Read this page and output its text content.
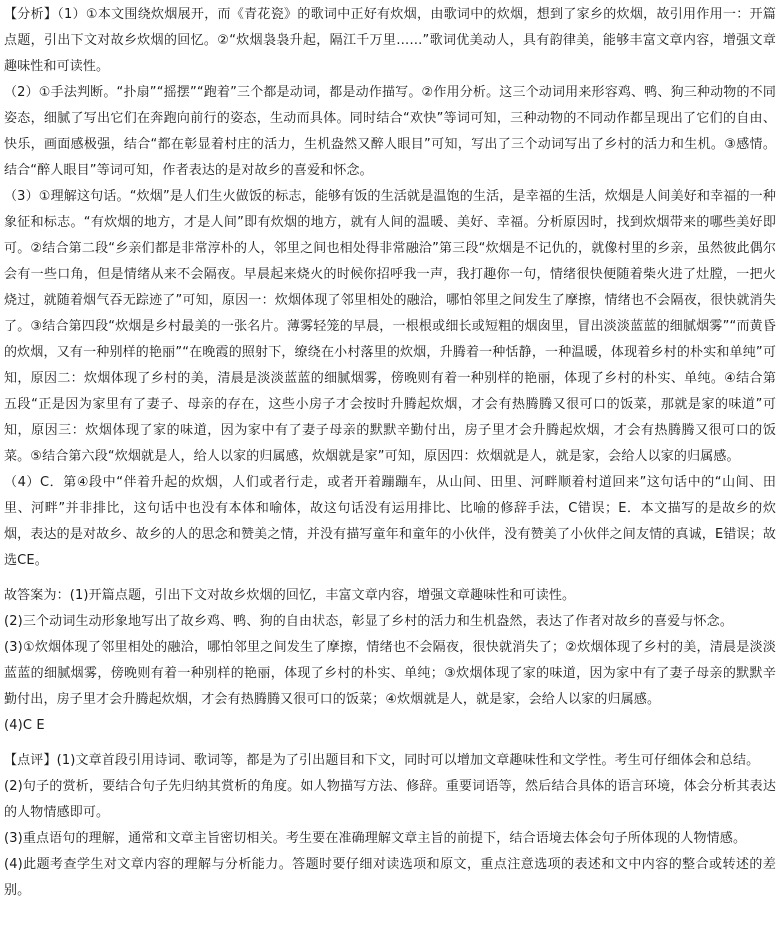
【分析】（1）①本文围绕炊烟展开，而《青花瓷》的歌词中正好有炊烟，由歌词中的炊烟，想到了家乡的炊烟，故引用作用一：开篇点题，引出下文对故乡炊烟的回忆。②“炊烟袅袅升起，隔江千万里……”歌词优美动人，具有韵律美，能够丰富文章内容，增强文章趣味性和可读性。

（2）①手法判断。“扑扇”“摇摆”“跑着”三个都是动词，都是动作描写。②作用分析。这三个动词用来形容鸡、鸭、狗三种动物的不同姿态，细腻了写出它们在奔跑向前行的姿态，生动而具体。同时结合“欢快”等词可知，三种动物的不同动作都呈现出了它们的自由、快乐，画面感极强，结合“都在彰显着村庄的活力，生机盎然又醉人眼目”可知，写出了三个动词写出了乡村的活力和生机。③感情。结合“醉人眼目”等词可知，作者表达的是对故乡的喜爱和怀念。

（3）①理解这句话。“炊烟”是人们生火做饭的标志，能够有饭的生活就是温饱的生活，是幸福的生活，炊烟是人间美好和幸福的一种象征和标志。“有炊烟的地方，才是人间”即有炊烟的地方，就有人间的温暖、美好、幸福。分析原因时，找到炊烟带来的哪些美好即可。②结合第二段“乡亲们都是非常淳朴的人，邻里之间也相处得非常融洽”第三段“炊烟是不记仇的，就像村里的乡亲，虽然彼此偶尔会有一些口角，但是情绪从来不会隔夜。早晨起来烧火的时候你招呼我一声，我打趣你一句，情绪很快便随着柴火进了灶膛，一把火烧过，就随着烟气吞无踪迹了”可知，原因一：炊烟体现了邻里相处的融洽，哪怕邻里之间发生了摩擦，情绪也不会隔夜，很快就消失了。③结合第四段“炊烟是乡村最美的一张名片。薄雾轻笼的早晨，一根根或细长或短粗的烟囱里，冒出淡淡蓝蓝的细腻烟雾”“而黄昏的炊烟，又有一种别样的艳丽”“在晚霞的照射下，缭绕在小村落里的炊烟，升腾着一种恬静，一种温暖，体现着乡村的朴实和单纯”可知，原因二：炊烟体现了乡村的美，清晨是淡淡蓝蓝的细腻烟雾，傍晚则有着一种别样的艳丽，体现了乡村的朴实、单纯。④结合第五段“正是因为家里有了妻子、母亲的存在，这些小房子才会按时升腾起炊烟，才会有热腾腾又很可口的饭菜，那就是家的味道”可知，原因三：炊烟体现了家的味道，因为家中有了妻子母亲的默默辛勤付出，房子里才会升腾起炊烟，才会有热腾腾又很可口的饭菜。⑤结合第六段“炊烟就是人，给人以家的归属感，炊烟就是家”可知，原因四：炊烟就是人，就是家，会给人以家的归属感。

（4）C．第④段中“伴着升起的炊烟，人们或者行走，或者开着蹦蹦车，从山间、田里、河畔顺着村道回来”这句话中的“山间、田里、河畔”并非排比，这句话中也没有本体和喻体，故这句话没有运用排比、比喻的修辞手法，C错误；E．本文描写的是故乡的炊烟，表达的是对故乡、故乡的人的思念和赞美之情，并没有描写童年和童年的小伙伴，没有赞美了小伙伴之间友情的真诚，E错误；故选CE。

故答案为：(1)开篇点题，引出下文对故乡炊烟的回忆，丰富文章内容，增强文章趣味性和可读性。

(2)三个动词生动形象地写出了故乡鸡、鸭、狗的自由状态，彰显了乡村的活力和生机盎然，表达了作者对故乡的喜爱与怀念。

(3)①炊烟体现了邻里相处的融洽，哪怕邻里之间发生了摩擦，情绪也不会隔夜，很快就消失了；②炊烟体现了乡村的美，清晨是淡淡蓝蓝的细腻烟雾，傍晚则有着一种别样的艳丽，体现了乡村的朴实、单纯；③炊烟体现了家的味道，因为家中有了妻子母亲的默默辛勤付出，房子里才会升腾起炊烟，才会有热腾腾又很可口的饭菜；④炊烟就是人，就是家，会给人以家的归属感。

(4)C E

【点评】(1)文章首段引用诗词、歌词等，都是为了引出题目和下文，同时可以增加文章趣味性和文学性。考生可仔细体会和总结。

(2)句子的赏析，要结合句子先归纳其赏析的角度。如人物描写方法、修辞。重要词语等，然后结合具体的语言环境，体会分析其表达的人物情感即可。

(3)重点语句的理解，通常和文章主旨密切相关。考生要在准确理解文章主旨的前提下，结合语境去体会句子所体现的人物情感。

(4)此题考查学生对文章内容的理解与分析能力。答题时要仔细对读选项和原文，重点注意选项的表述和文中内容的整合或转述的差别。
